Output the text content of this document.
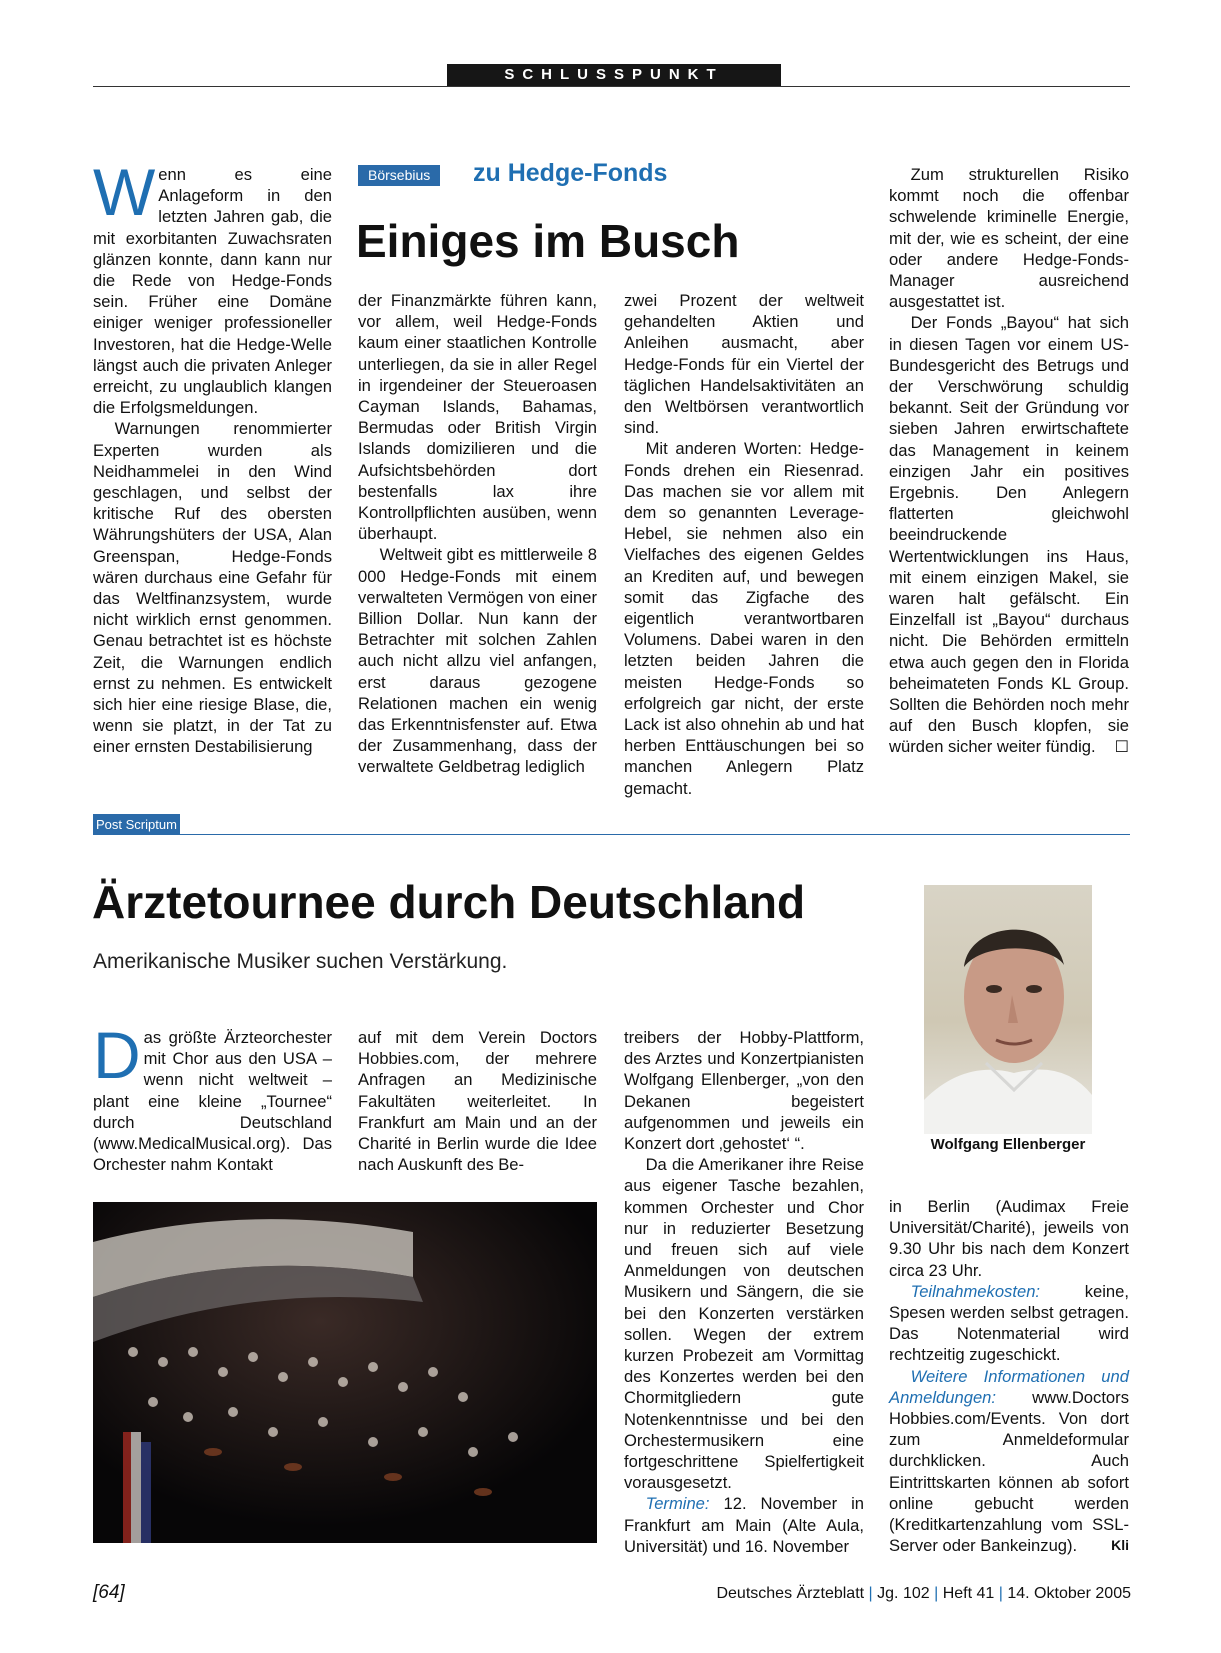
SCHLUSSPUNKT
W enn es eine Anlageform in den letzten Jahren gab, die mit exorbitanten Zuwachsraten glänzen konnte, dann kann nur die Rede von Hedge-Fonds sein. Früher eine Domäne einiger weniger professioneller Investoren, hat die Hedge-Welle längst auch die privaten Anleger erreicht, zu unglaublich klangen die Erfolgsmeldungen.

Warnungen renommierter Experten wurden als Neidhammelei in den Wind geschlagen, und selbst der kritische Ruf des obersten Währungshüters der USA, Alan Greenspan, Hedge-Fonds wären durchaus eine Gefahr für das Weltfinanzsystem, wurde nicht wirklich ernst genommen. Genau betrachtet ist es höchste Zeit, die Warnungen endlich ernst zu nehmen. Es entwickelt sich hier eine riesige Blase, die, wenn sie platzt, in der Tat zu einer ernsten Destabilisierung

Börsebius	zu Hedge-Fonds
Einiges im Busch

der Finanzmärkte führen kann, vor allem, weil Hedge-Fonds kaum einer staatlichen Kontrolle unterliegen, da sie in aller Regel in irgendeiner der Steueroasen Cayman Islands, Bahamas, Bermudas oder British Virgin Islands domizilieren und die Aufsichtsbehörden dort bestenfalls lax ihre Kontrollpflichten ausüben, wenn überhaupt.

Weltweit gibt es mittlerweile 8 000 Hedge-Fonds mit einem verwalteten Vermögen von einer Billion Dollar. Nun kann der Betrachter mit solchen Zahlen auch nicht allzu viel anfangen, erst daraus gezogene Relationen machen ein wenig das Erkenntnisfenster auf. Etwa der Zusammenhang, dass der verwaltete Geldbetrag lediglich

zwei Prozent der weltweit gehandelten Aktien und Anleihen ausmacht, aber Hedge-Fonds für ein Viertel der täglichen Handelsaktivitäten an den Weltbörsen verantwortlich sind.

Mit anderen Worten: Hedge-Fonds drehen ein Riesenrad. Das machen sie vor allem mit dem so genannten Leverage-Hebel, sie nehmen also ein Vielfaches des eigenen Geldes an Krediten auf, und bewegen somit das Zigfache des eigentlich verantwortbaren Volumens. Dabei waren in den letzten beiden Jahren die meisten Hedge-Fonds so erfolgreich gar nicht, der erste Lack ist also ohnehin ab und hat herben Enttäuschungen bei so manchen Anlegern Platz gemacht.

Zum strukturellen Risiko kommt noch die offenbar schwelende kriminelle Energie, mit der, wie es scheint, der eine oder andere Hedge-Fonds-Manager ausreichend ausgestattet ist.

Der Fonds „Bayou“ hat sich in diesen Tagen vor einem US-Bundesgericht des Betrugs und der Verschwörung schuldig bekannt. Seit der Gründung vor sieben Jahren erwirtschaftete das Management in keinem einzigen Jahr ein positives Ergebnis. Den Anlegern flatterten gleichwohl beeindruckende Wertentwicklungen ins Haus, mit einem einzigen Makel, sie waren halt gefälscht. Ein Einzelfall ist „Bayou“ durchaus nicht. Die Behörden ermitteln etwa auch gegen den in Florida beheimateten Fonds KL Group. Sollten die Behörden noch mehr auf den Busch klopfen, sie würden sicher weiter fündig.	☐
Post Scriptum
Ärztetournee durch Deutschland
Amerikanische Musiker suchen Verstärkung.
Wolfgang Ellenberger
D as größte Ärzteorchester mit Chor aus den USA – wenn nicht weltweit – plant eine kleine „Tournee“ durch Deutschland (www.MedicalMusical.org). Das Orchester nahm Kontakt

auf mit dem Verein Doctors Hobbies.com, der mehrere Anfragen an Medizinische Fakultäten weiterleitet. In Frankfurt am Main und an der Charité in Berlin wurde die Idee nach Auskunft des Be-

treibers der Hobby-Plattform, des Arztes und Konzertpianisten Wolfgang Ellenberger, „von den Dekanen begeistert aufgenommen und jeweils ein Konzert dort ‚gehostet‘ “.

Da die Amerikaner ihre Reise aus eigener Tasche bezahlen, kommen Orchester und Chor nur in reduzierter Besetzung und freuen sich auf viele Anmeldungen von deutschen Musikern und Sängern, die sie bei den Konzerten verstärken sollen. Wegen der extrem kurzen Probezeit am Vormittag des Konzertes werden bei den Chormitgliedern gute Notenkenntnisse und bei den Orchestermusikern eine fortgeschrittene Spielfertigkeit vorausgesetzt.

Termine: 12. November in Frankfurt am Main (Alte Aula, Universität) und 16. November

in Berlin (Audimax Freie Universität/Charité), jeweils von 9.30 Uhr bis nach dem Konzert circa 23 Uhr.

Teilnahmekosten: keine, Spesen werden selbst getragen. Das Notenmaterial wird rechtzeitig zugeschickt.

Weitere Informationen und Anmeldungen: www.Doctors Hobbies.com/Events. Von dort zum Anmeldeformular durchklicken. Auch Eintrittskarten können ab sofort online gebucht werden (Kreditkartenzahlung vom SSL-Server oder Bankeinzug).	Kli
[64]	Deutsches Ärzteblatt | Jg. 102 | Heft 41 | 14. Oktober 2005
